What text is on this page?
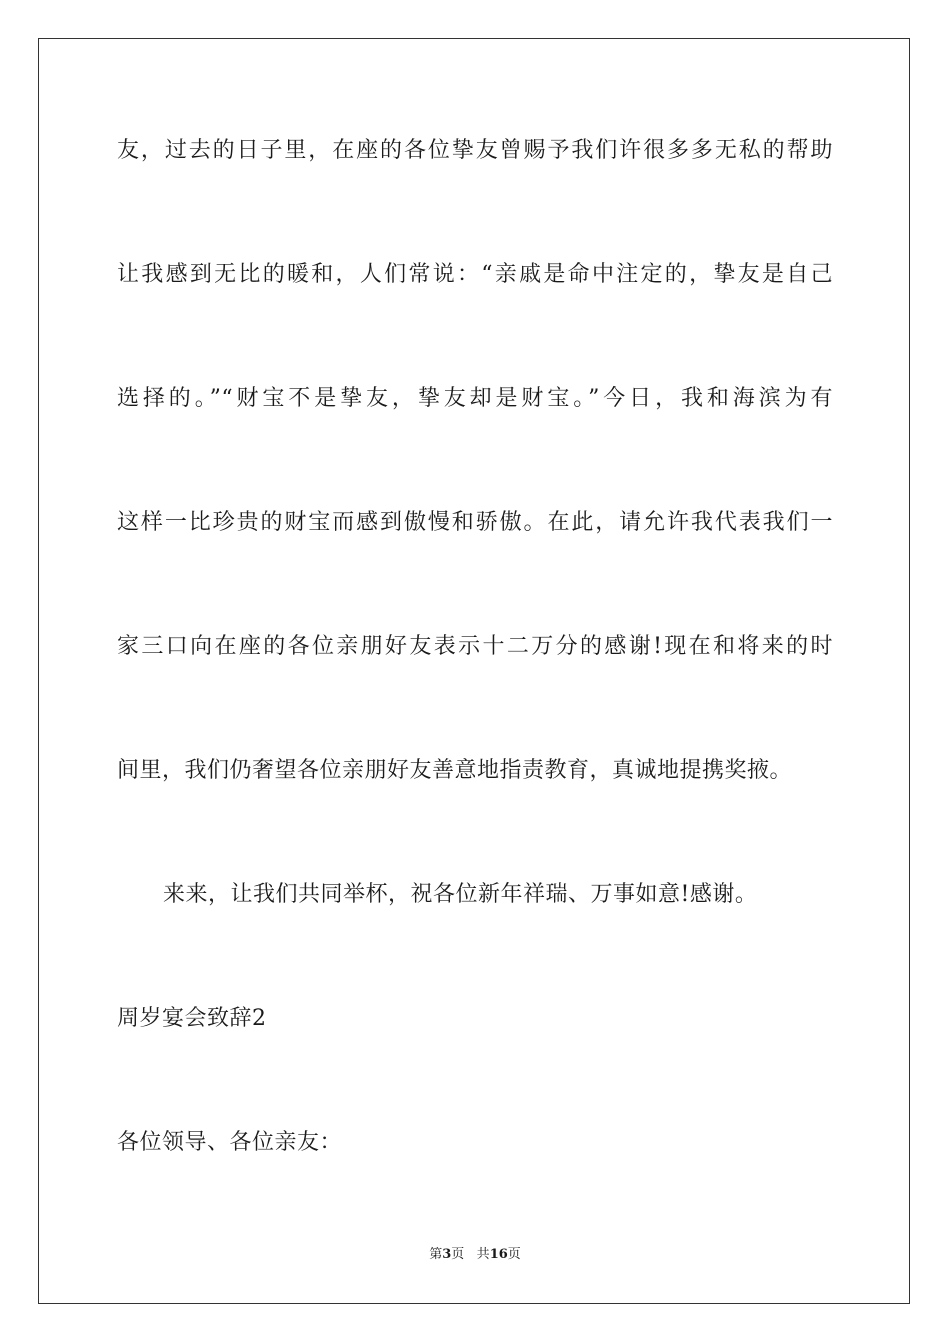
友，过去的日子里，在座的各位挚友曾赐予我们许很多多无私的帮助
让我感到无比的暖和，人们常说：“亲戚是命中注定的，挚友是自己
选择的。”“财宝不是挚友，挚友却是财宝。”今日，我和海滨为有
这样一比珍贵的财宝而感到傲慢和骄傲。在此，请允许我代表我们一
家三口向在座的各位亲朋好友表示十二万分的感谢!现在和将来的时
间里，我们仍奢望各位亲朋好友善意地指责教育，真诚地提携奖掖。
来来，让我们共同举杯，祝各位新年祥瑞、万事如意!感谢。
周岁宴会致辞2
各位领导、各位亲友：
第3页 共16页
